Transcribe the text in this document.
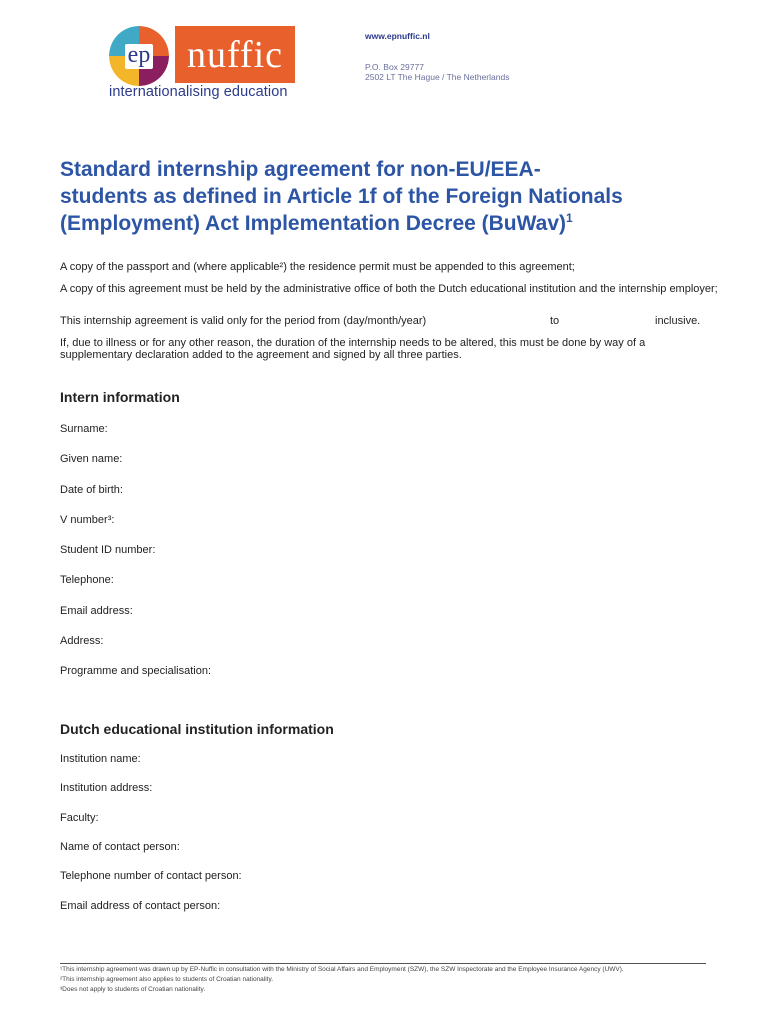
ep nuffic
internationalising education
www.epnuffic.nl
P.O. Box 29777
2502 LT The Hague / The Netherlands
Standard internship agreement for non-EU/EEA-
students as defined in Article 1f of the Foreign Nationals
(Employment) Act Implementation Decree (BuWav)$^1$
A copy of the passport and (where applicable²) the residence permit must be appended to this agreement;
A copy of this agreement must be held by the administrative office of both the Dutch educational institution and the internship employer;
This internship agreement is valid only for the period from (day/month/year)	to	inclusive.
If, due to illness or for any other reason, the duration of the internship needs to be altered, this must be done by way of a supplementary declaration added to the agreement and signed by all three parties.
Intern information
Surname:
Given name:
Date of birth:
V number³:
Student ID number:
Telephone:
Email address:
Address:
Programme and specialisation:
Dutch educational institution information
Institution name:
Institution address:
Faculty:
Name of contact person:
Telephone number of contact person:
Email address of contact person:
¹This internship agreement was drawn up by EP-Nuffic in consultation with the Ministry of Social Affairs and Employment (SZW), the SZW Inspectorate and the Employee Insurance Agency (UWV).
²This internship agreement also applies to students of Croatian nationality.
³Does not apply to students of Croatian nationality.
